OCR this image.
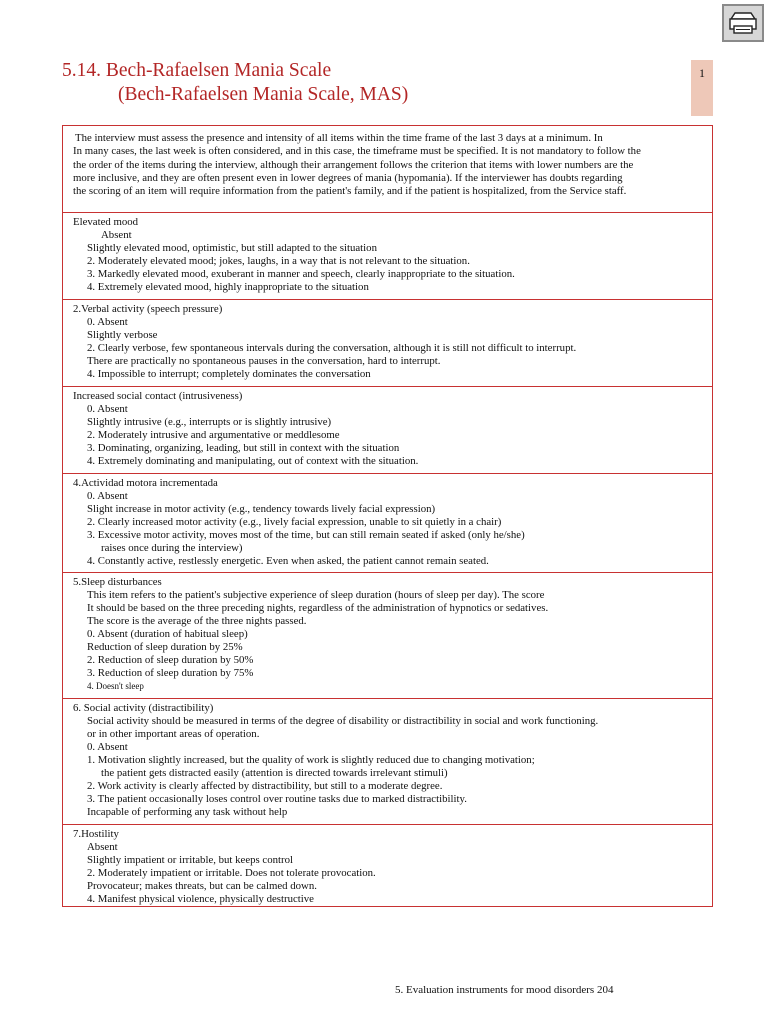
5.14. Bech-Rafaelsen Mania Scale
(Bech-Rafaelsen Mania Scale, MAS)
1
The interview must assess the presence and intensity of all items within the time frame of the last 3 days at a minimum. In
In many cases, the last week is often considered, and in this case, the timeframe must be specified. It is not mandatory to follow the
the order of the items during the interview, although their arrangement follows the criterion that items with lower numbers are the
more inclusive, and they are often present even in lower degrees of mania (hypomania). If the interviewer has doubts regarding
the scoring of an item will require information from the patient's family, and if the patient is hospitalized, from the Service staff.
Elevated mood
Absent
Slightly elevated mood, optimistic, but still adapted to the situation
2. Moderately elevated mood; jokes, laughs, in a way that is not relevant to the situation.
3. Markedly elevated mood, exuberant in manner and speech, clearly inappropriate to the situation.
4. Extremely elevated mood, highly inappropriate to the situation
2.Verbal activity (speech pressure)
0. Absent
Slightly verbose
2. Clearly verbose, few spontaneous intervals during the conversation, although it is still not difficult to interrupt.
There are practically no spontaneous pauses in the conversation, hard to interrupt.
4. Impossible to interrupt; completely dominates the conversation
Increased social contact (intrusiveness)
0. Absent
Slightly intrusive (e.g., interrupts or is slightly intrusive)
2. Moderately intrusive and argumentative or meddlesome
3. Dominating, organizing, leading, but still in context with the situation
4. Extremely dominating and manipulating, out of context with the situation.
4.Actividad motora incrementada
0. Absent
Slight increase in motor activity (e.g., tendency towards lively facial expression)
2. Clearly increased motor activity (e.g., lively facial expression, unable to sit quietly in a chair)
3. Excessive motor activity, moves most of the time, but can still remain seated if asked (only he/she)
raises once during the interview)
4. Constantly active, restlessly energetic. Even when asked, the patient cannot remain seated.
5.Sleep disturbances
This item refers to the patient's subjective experience of sleep duration (hours of sleep per day). The score
It should be based on the three preceding nights, regardless of the administration of hypnotics or sedatives.
The score is the average of the three nights passed.
0. Absent (duration of habitual sleep)
Reduction of sleep duration by 25%
2. Reduction of sleep duration by 50%
3. Reduction of sleep duration by 75%
4. Doesn't sleep
6. Social activity (distractibility)
Social activity should be measured in terms of the degree of disability or distractibility in social and work functioning.
or in other important areas of operation.
0. Absent
1. Motivation slightly increased, but the quality of work is slightly reduced due to changing motivation;
the patient gets distracted easily (attention is directed towards irrelevant stimuli)
2. Work activity is clearly affected by distractibility, but still to a moderate degree.
3. The patient occasionally loses control over routine tasks due to marked distractibility.
Incapable of performing any task without help
7.Hostility
Absent
Slightly impatient or irritable, but keeps control
2. Moderately impatient or irritable. Does not tolerate provocation.
Provocateur; makes threats, but can be calmed down.
4. Manifest physical violence, physically destructive
5. Evaluation instruments for mood disorders 204
